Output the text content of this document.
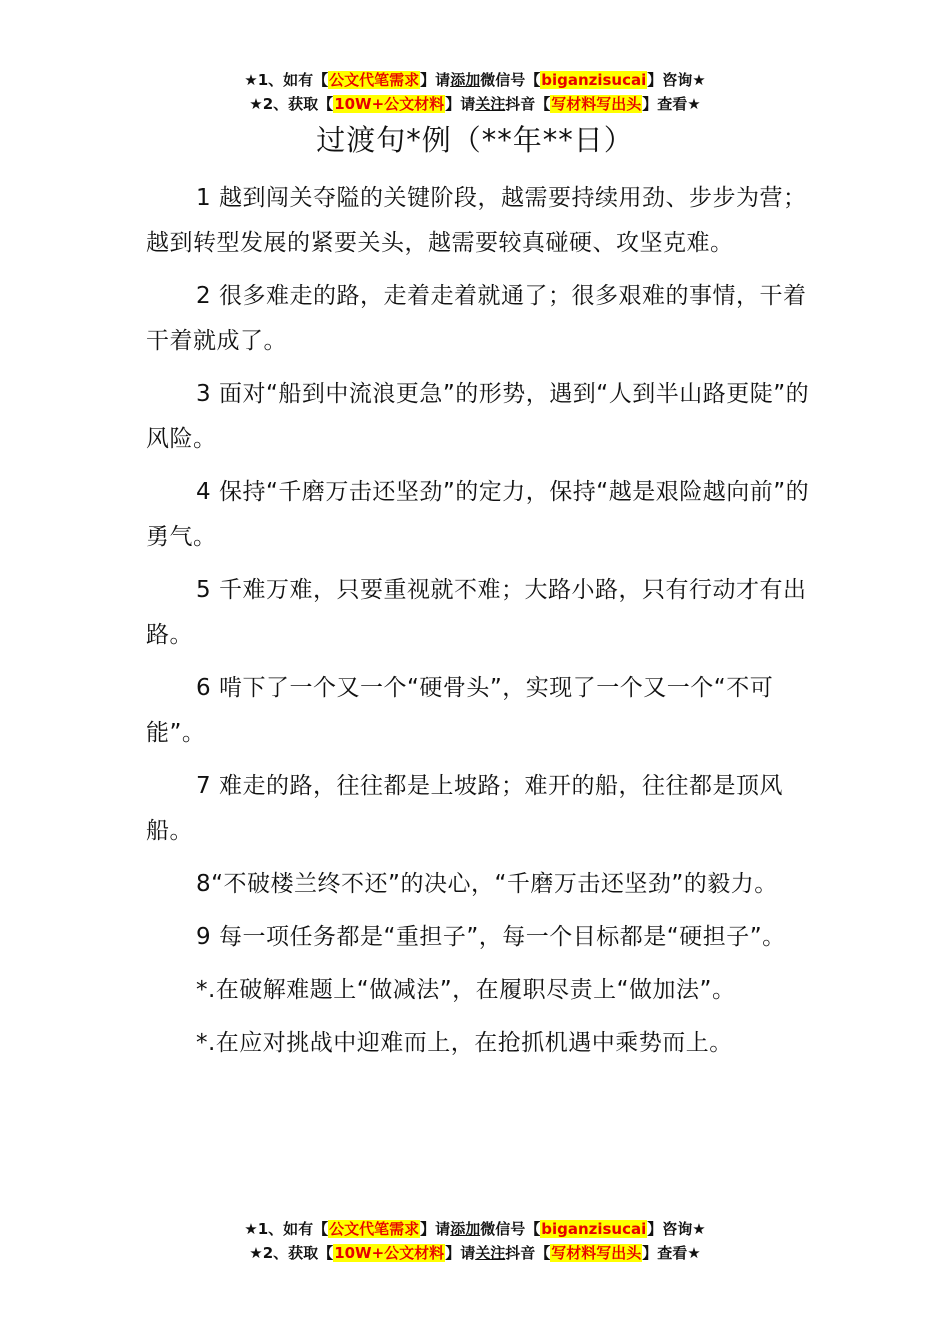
★1、如有【公文代笔需求】请添加微信号【biganzisucai】咨询★
★2、获取【10W+公文材料】请关注抖音【写材料写出头】查看★
过渡句*例（**年**日）

1 越到闯关夺隘的关键阶段，越需要持续用劲、步步为营；越到转型发展的紧要关头，越需要较真碰硬、攻坚克难。

2 很多难走的路，走着走着就通了；很多艰难的事情，干着干着就成了。

3 面对“船到中流浪更急”的形势，遇到“人到半山路更陡”的风险。

4 保持“千磨万击还坚劲”的定力，保持“越是艰险越向前”的勇气。

5 千难万难，只要重视就不难；大路小路，只有行动才有出路。

6 啃下了一个又一个“硬骨头”，实现了一个又一个“不可能”。

7 难走的路，往往都是上坡路；难开的船，往往都是顶风船。

8“不破楼兰终不还”的决心，“千磨万击还坚劲”的毅力。

9 每一项任务都是“重担子”，每一个目标都是“硬担子”。

*.在破解难题上“做减法”，在履职尽责上“做加法”。

*.在应对挑战中迎难而上，在抢抓机遇中乘势而上。

★1、如有【公文代笔需求】请添加微信号【biganzisucai】咨询★
★2、获取【10W+公文材料】请关注抖音【写材料写出头】查看★
